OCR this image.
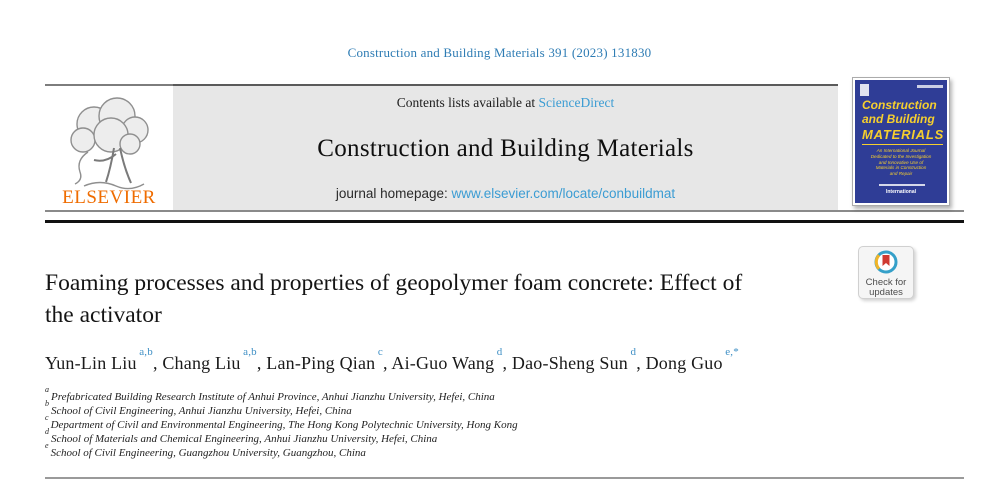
Construction and Building Materials 391 (2023) 131830
ELSEVIER
Contents lists available at ScienceDirect
Construction and Building Materials
journal homepage: www.elsevier.com/locate/conbuildmat
Construction
and Building
MATERIALS
An International Journal
Dedicated to the Investigation
and Innovative Use of
Materials in Construction
and Repair
International
Foaming processes and properties of geopolymer foam concrete: Effect of
the activator
Check for
updates
Yun-Lin Liu$^{a,b}$, Chang Liu$^{a,b}$, Lan-Ping Qian$^c$, Ai-Guo Wang$^d$, Dao-Sheng Sun$^d$, Dong Guo$^{e,*}$
$^a$Prefabricated Building Research Institute of Anhui Province, Anhui Jianzhu University, Hefei, China
$^b$School of Civil Engineering, Anhui Jianzhu University, Hefei, China
$^c$Department of Civil and Environmental Engineering, The Hong Kong Polytechnic University, Hong Kong
$^d$School of Materials and Chemical Engineering, Anhui Jianzhu University, Hefei, China
$^e$School of Civil Engineering, Guangzhou University, Guangzhou, China
